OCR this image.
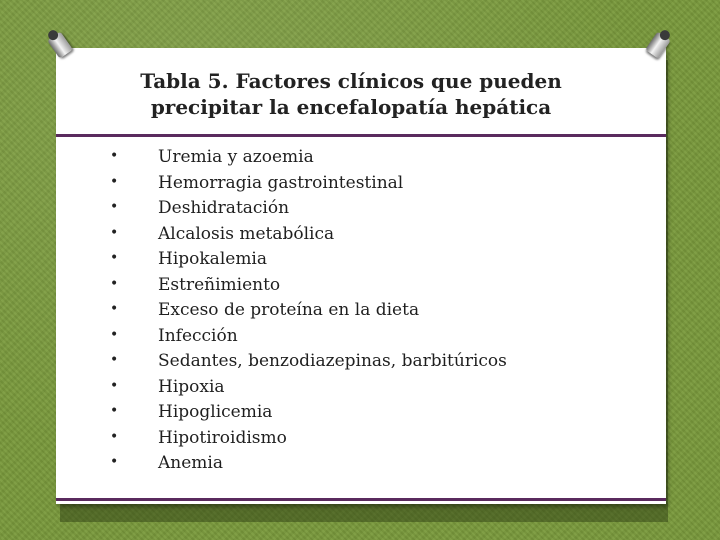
Tabla 5. Factores clínicos que pueden
precipitar la encefalopatía hepática
• Uremia y azoemia
• Hemorragia gastrointestinal
• Deshidratación
• Alcalosis metabólica
• Hipokalemia
• Estreñimiento
• Exceso de proteína en la dieta
• Infección
• Sedantes, benzodiazepinas, barbitúricos
• Hipoxia
• Hipoglicemia
• Hipotiroidismo
• Anemia
